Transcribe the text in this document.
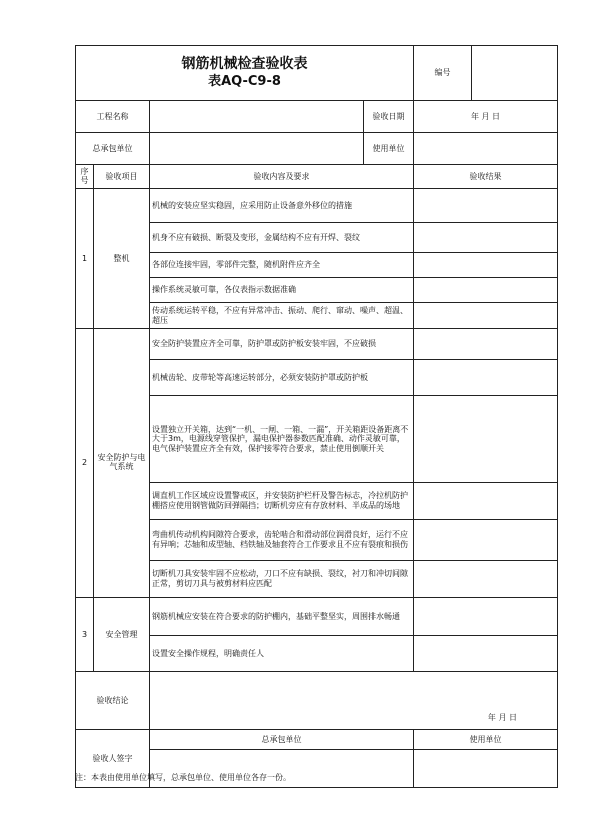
钢筋机械检查验收表
表AQ-C9-8				编号	
工程名称			验收日期	年 月 日	
总承包单位			使用单位		
序号	验收项目	验收内容及要求		验收结果	
1	整机	机械的安装应坚实稳固，应采用防止设备意外移位的措施			
		机身不应有破损、断裂及变形，金属结构不应有开焊、裂纹			
		各部位连接牢固，零部件完整，随机附件应齐全			
		操作系统灵敏可靠，各仪表指示数据准确			
		传动系统运转平稳，不应有异常冲击、振动、爬行、窜动、噪声、超温、超压			
2	安全防护与电气系统	安全防护装置应齐全可靠，防护罩或防护板安装牢固，不应破损			
		机械齿轮、皮带轮等高速运转部分，必须安装防护罩或防护板			
		设置独立开关箱，达到“一机、一闸、一箱、一漏”，开关箱距设备距离不大于3m，电源线穿管保护，漏电保护器参数匹配准确、动作灵敏可靠，电气保护装置应齐全有效，保护接零符合要求，禁止使用倒顺开关			
		调直机工作区域应设置警戒区，并安装防护栏杆及警告标志，冷拉机防护棚搭应使用钢管做防回弹隔挡；切断机旁应有存放材料、半成品的场地			
		弯曲机传动机构间隙符合要求，齿轮啮合和滑动部位润滑良好，运行不应有异响；芯轴和成型轴、档铁轴及轴套符合工作要求且不应有裂痕和损伤			
		切断机刀具安装牢固不应松动，刀口不应有缺损、裂纹，衬刀和冲切间隙正常，剪切刀具与被剪材料应匹配			
3	安全管理	钢筋机械应安装在符合要求的防护棚内，基础平整坚实，周围排水畅通			
		设置安全操作规程，明确责任人			
验收结论		年 月 日			
验收人签字		总承包单位		使用单位	

注：本表由使用单位填写，总承包单位、使用单位各存一份。
